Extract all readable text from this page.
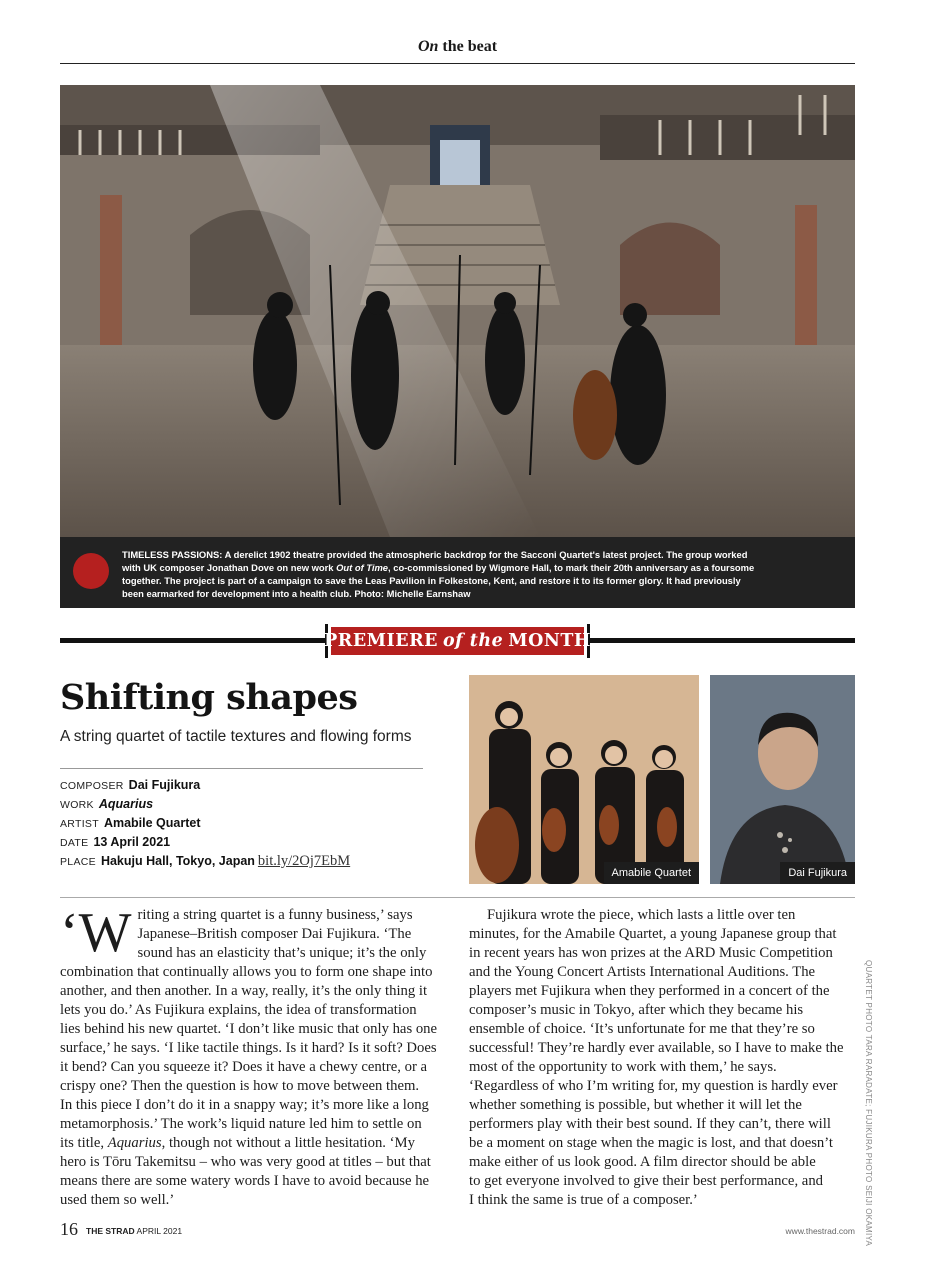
On the beat
TIMELESS PASSIONS: A derelict 1902 theatre provided the atmospheric backdrop for the Sacconi Quartet's latest project. The group worked with UK composer Jonathan Dove on new work Out of Time, co-commissioned by Wigmore Hall, to mark their 20th anniversary as a foursome together. The project is part of a campaign to save the Leas Pavilion in Folkestone, Kent, and restore it to its former glory. It had previously been earmarked for development into a health club. Photo: Michelle Earnshaw
PREMIERE of the MONTH
Shifting shapes
A string quartet of tactile textures and flowing forms
COMPOSER Dai Fujikura
WORK Aquarius
ARTIST Amabile Quartet
DATE 13 April 2021
PLACE Hakuju Hall, Tokyo, Japan bit.ly/2Oj7EbM
Amabile Quartet	Dai Fujikura

‘W riting a string quartet is a funny business,’ says
Japanese–British composer Dai Fujikura. ‘The
sound has an elasticity that’s unique; it’s the only
combination that continually allows you to form one shape into
another, and then another. In a way, really, it’s the only thing it
lets you do.’ As Fujikura explains, the idea of transformation
lies behind his new quartet. ‘I don’t like music that only has one
surface,’ he says. ‘I like tactile things. Is it hard? Is it soft? Does
it bend? Can you squeeze it? Does it have a chewy centre, or a
crispy one? Then the question is how to move between them.
In this piece I don’t do it in a snappy way; it’s more like a long
metamorphosis.’ The work’s liquid nature led him to settle on
its title, Aquarius, though not without a little hesitation. ‘My
hero is Tōru Takemitsu – who was very good at titles – but that
means there are some watery words I have to avoid because he
used them so well.’

Fujikura wrote the piece, which lasts a little over ten
minutes, for the Amabile Quartet, a young Japanese group that
in recent years has won prizes at the ARD Music Competition
and the Young Concert Artists International Auditions. The
players met Fujikura when they performed in a concert of the
composer’s music in Tokyo, after which they became his
ensemble of choice. ‘It’s unfortunate for me that they’re so
successful! They’re hardly ever available, so I have to make the
most of the opportunity to work with them,’ he says.
‘Regardless of who I’m writing for, my question is hardly ever
whether something is possible, but whether it will let the
performers play with their best sound. If they can’t, there will
be a moment on stage when the magic is lost, and that doesn’t
make either of us look good. A film director should be able
to get everyone involved to give their best performance, and
I think the same is true of a composer.’	QUARTET PHOTO TARA RARADATE; FUJIKURA PHOTO SEIJI OKAMIYA
16 THE STRAD APRIL 2021	www.thestrad.com
